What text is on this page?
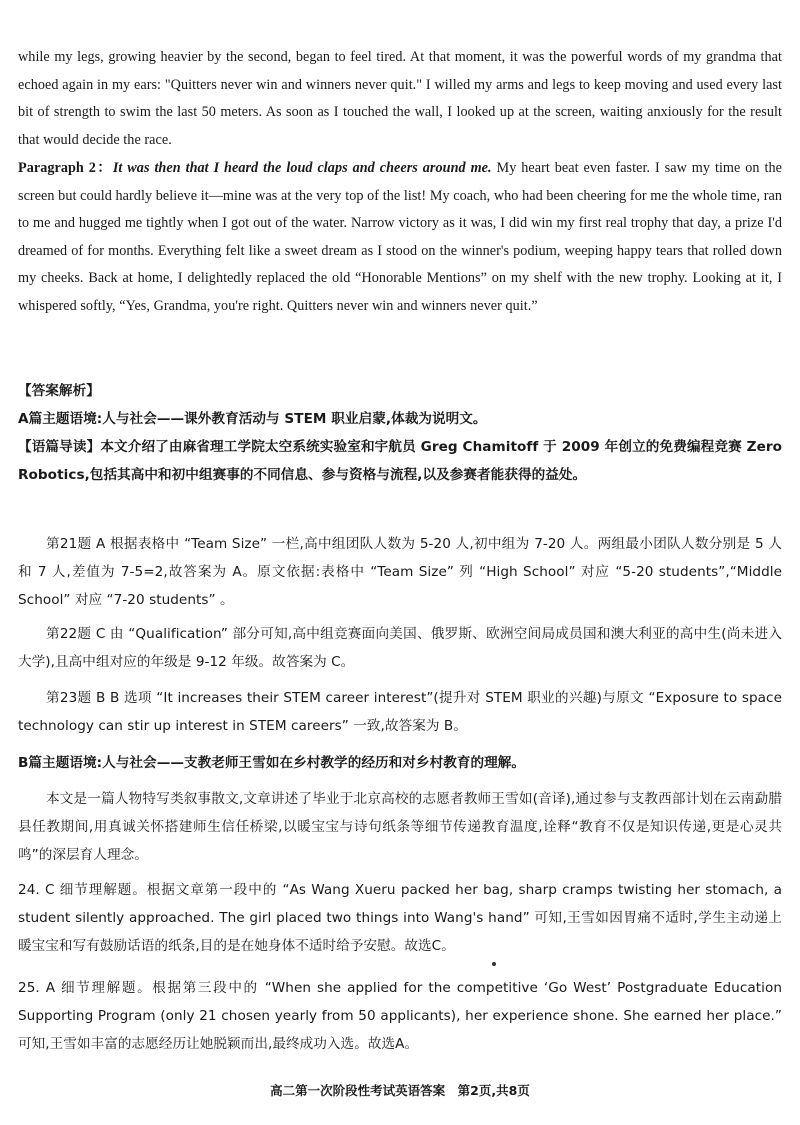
while my legs, growing heavier by the second, began to feel tired. At that moment, it was the powerful words of my grandma that echoed again in my ears: "Quitters never win and winners never quit." I willed my arms and legs to keep moving and used every last bit of strength to swim the last 50 meters. As soon as I touched the wall, I looked up at the screen, waiting anxiously for the result that would decide the race.

Paragraph 2：It was then that I heard the loud claps and cheers around me. My heart beat even faster. I saw my time on the screen but could hardly believe it—mine was at the very top of the list! My coach, who had been cheering for me the whole time, ran to me and hugged me tightly when I got out of the water. Narrow victory as it was, I did win my first real trophy that day, a prize I'd dreamed of for months. Everything felt like a sweet dream as I stood on the winner's podium, weeping happy tears that rolled down my cheeks. Back at home, I delightedly replaced the old “Honorable Mentions” on my shelf with the new trophy. Looking at it, I whispered softly, “Yes, Grandma, you're right. Quitters never win and winners never quit.”

【答案解析】

A篇主题语境:人与社会——课外教育活动与 STEM 职业启蒙,体裁为说明文。

【语篇导读】本文介绍了由麻省理工学院太空系统实验室和宇航员 Greg Chamitoff 于 2009 年创立的免费编程竞赛 Zero Robotics,包括其高中和初中组赛事的不同信息、参与资格与流程,以及参赛者能获得的益处。

第21题 A 根据表格中 “Team Size” 一栏,高中组团队人数为 5-20 人,初中组为 7-20 人。两组最小团队人数分别是 5 人和 7 人,差值为 7-5=2,故答案为 A。原文依据:表格中 “Team Size” 列 “High School” 对应 “5-20 students”,“Middle School” 对应 “7-20 students” 。

第22题 C 由 “Qualification” 部分可知,高中组竞赛面向美国、俄罗斯、欧洲空间局成员国和澳大利亚的高中生(尚未进入大学),且高中组对应的年级是 9-12 年级。故答案为 C。

第23题 B B 选项 “It increases their STEM career interest”(提升对 STEM 职业的兴趣)与原文 “Exposure to space technology can stir up interest in STEM careers” 一致,故答案为 B。

B篇主题语境:人与社会——支教老师王雪如在乡村教学的经历和对乡村教育的理解。

本文是一篇人物特写类叙事散文,文章讲述了毕业于北京高校的志愿者教师王雪如(音译),通过参与支教西部计划在云南勐腊县任教期间,用真诚关怀搭建师生信任桥梁,以暖宝宝与诗句纸条等细节传递教育温度,诠释“教育不仅是知识传递,更是心灵共鸣”的深层育人理念。

24. C 细节理解题。根据文章第一段中的 “As Wang Xueru packed her bag, sharp cramps twisting her stomach, a student silently approached. The girl placed two things into Wang's hand” 可知,王雪如因胃痛不适时,学生主动递上暖宝宝和写有鼓励话语的纸条,目的是在她身体不适时给予安慰。故选C。

25. A 细节理解题。根据第三段中的 “When she applied for the competitive ‘Go West’ Postgraduate Education Supporting Program (only 21 chosen yearly from 50 applicants), her experience shone. She earned her place.” 可知,王雪如丰富的志愿经历让她脱颖而出,最终成功入选。故选A。

高二第一次阶段性考试英语答案　第2页,共8页
